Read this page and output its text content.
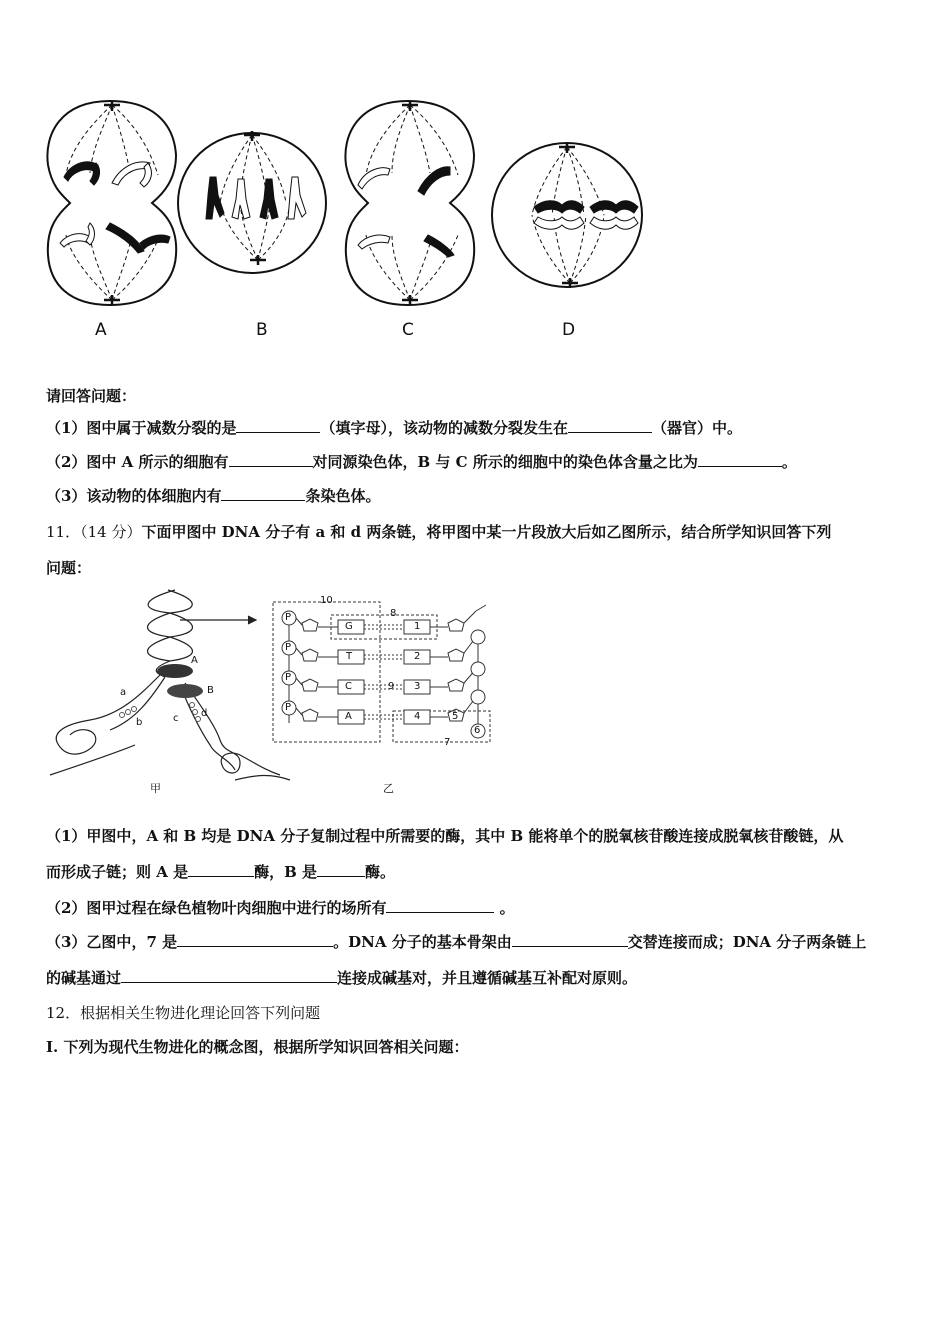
A	B	C	D
请回答问题：
（1）图中属于减数分裂的是	（填字母），该动物的减数分裂发生在	（器官）中。
（2）图中 A 所示的细胞有	对同源染色体，B 与 C 所示的细胞中的染色体含量之比为	。
（3）该动物的体细胞内有	条染色体。
11．（14 分）下面甲图中 DNA 分子有 a 和 d 两条链，将甲图中某一片段放大后如乙图所示，结合所学知识回答下列
问题：
A
B
a
b	c d
P
P
P
P
G
T
C
A
1
2
3
4
10
8
9
5
6
7
甲	乙
（1）甲图中，A 和 B 均是 DNA 分子复制过程中所需要的酶，其中 B 能将单个的脱氧核苷酸连接成脱氧核苷酸链，从
而形成子链；则 A 是	酶，B 是	酶。
（2）图甲过程在绿色植物叶肉细胞中进行的场所有	。
（3）乙图中，7 是	。DNA 分子的基本骨架由	交替连接而成；DNA 分子两条链上
的碱基通过	连接成碱基对，并且遵循碱基互补配对原则。
12．根据相关生物进化理论回答下列问题
I. 下列为现代生物进化的概念图，根据所学知识回答相关问题：
